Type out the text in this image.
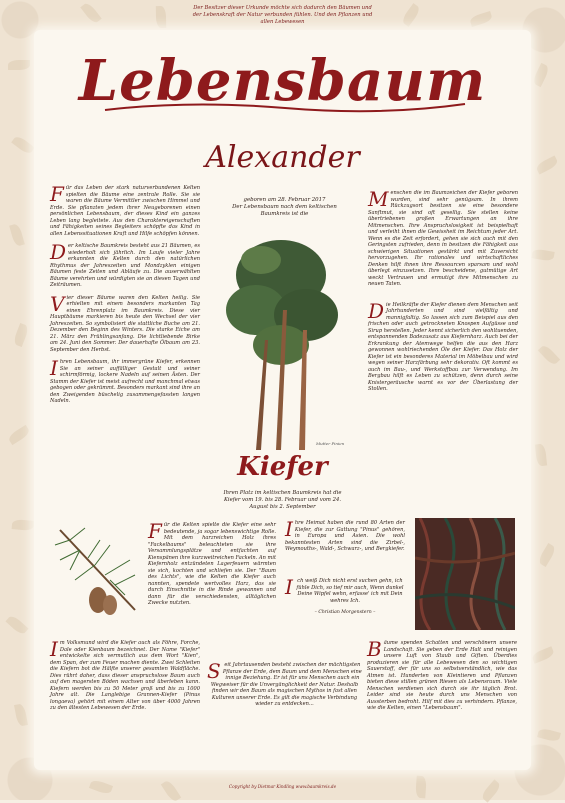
Der Besitzer dieser Urkunde möchte sich dadurch den Bäumen und der Lebenskraft der Natur verbunden fühlen. Und den Pflanzen und allen Lebewesen
Lebensbaum
Alexander

Für das Leben der stark naturverbundenen Kelten spielten die Bäume eine zentrale Rolle. Sie sie waren die Bäume Vermittler zwischen Himmel und Erde. Sie pflanzten jedem ihrer Neugeborenen einen persönlichen Lebensbaum, der dieses Kind ein ganzes Leben lang begleitete. Aus den Charaktereigenschaften und Fähigkeiten seines Begleiters schöpfte das Kind in allen Lebenssituationen Kraft und Hilfe schöpfen können.

Der keltische Baumkreis besteht aus 21 Bäumen, es wiederholt sich jährlich. Im Laufe vieler Jahre erkannten die Kelten durch den natürlichen Rhythmus der Jahreszeiten und Mondzyklen einigen Bäumen feste Zeiten und Abläufe zu. Die auserwählten Bäume verehrten und würdigten sie an diesen Tagen und Zeiträumen.

Vier dieser Bäume waren den Kelten heilig. Sie erhielten mit einem besonders markanten Tag einen Ehrenplatz im Baumkreis. Diese vier Hauptbäume markieren bis heute den Wechsel der vier Jahreszeiten. So symbolisiert die stattliche Buche am 21. Dezember den Beginn des Winters. Die starke Eiche am 21. März den Frühlingsanfang. Die lichtliebende Birke am 24. Juni den Sommer. Der dauerhafte Ölbaum am 23. September den Herbst.

Ihren Lebensbaum, ihr immergrüne Kiefer, erkennen Sie an seiner auffälliger Gestalt und seiner schirmförmig, lockere Nadeln auf seinen Ästen. Der Stamm der Kiefer ist meist aufrecht und manchmal etwas gebogen oder gekrümmt. Besonders markant sind ihre an den Zweigenden büschelig zusammengefassten langen Nadeln.

geboren am 28. Februar 2017
Der Lebensbaum nach dem keltischen Baumkreis ist die
Mutter Pinien
Kiefer
Ihren Platz im keltischen Baumkreis hat die Kiefer vom 19. bis 28. Februar und vom 24. August bis 2. September

Menschen die im Baumzeichen der Kiefer geboren wurden, sind sehr genügsam. In ihrem Rückzugsort besitzen sie eine besondere Sanftmut, sie sind oft gesellig. Sie stellen keine übertriebenen großen Erwartungen an ihre Mitmenschen. Ihre Anspruchslosigkeit ist beispielhaft und verleiht ihnen die Gewissheit im Reichtum jeder Art. Wenn es die Zeit erfordert, gehen sie sich auch mit den Geringsten zufrieden, denn in besitzen die Fähigkeit aus schwierigen Situationen gestärkt und mit Zuversicht hervorzugehen. Ihr rationales und wirtschaftliches Denken hilft ihnen ihre Ressourcen sparsam und wohl überlegt einzusetzen. Ihre bescheidene, gutmütige Art weckt Vertrauen und ermutigt ihre Mitmenschen zu neuen Taten.

Die Heilkräfte der Kiefer dienen dem Menschen seit Jahrhunderten und sind vielfältig und mannigfaltig. So lassen sich zum Beispiel aus den frischen oder auch getrockneten Knospen Aufgüsse und Sirup herstellen. Jeder kennt sicherlich den wohltuenden, entspannenden Badezusatz aus Kiefernharz. Auch bei der Erkrankung der Atemwege helfen die aus den Harz gewonnen wohlriechenden Öle der Kiefer. Das Holz der Kiefer ist ein besonderes Material im Möbelbau und wird wegen seiner Harzfärbung sehr dekorativ. Oft kommt es auch im Bau-, und Werkstoffbau zur Verwendung. Im Bergbau hilft es Leben zu schützen, denn durch seine Knistergeräusche warnt es vor der Überlastung der Stollen.

Für die Kelten spielte die Kiefer eine sehr bedeutende, ja sogar lebenswichtige Rolle. Mit dem harzreichen Holz ihres "Fackelbaums" beleuchteten sie ihre Versammlungsplätze und entfachten auf Kienspänen ihre kurzweitreichen Fackeln. An mit Kiefernholz entzündeten Lagerfeuern wärmten sie sich, kochten und schliefen sie. Der "Baum des Lichts", wie die Kelten die Kiefer auch nannten, spendete wertvolles Harz, das sie durch Einschnitte in die Rinde gewannen und dann für die verschiedensten, alltäglichen Zwecke nutzten.

Ihre Heimat haben die rund 80 Arten der Kiefer, die zur Gattung "Pinus" gehören, in Europa und Asien. Die wohl bekanntesten Arten sind die Zirbel-, Weymouths-, Wald-, Schwarz-, und Bergkiefer.

Ich weiß Dich nicht erst suchen gehn, ich fühle Dich, so tief mir auch, Wenn dunkel Deine Wipfel wehn, erfasse' ich mit Dein wehres Ich.

– Christian Morgenstern –

Im Volksmund wird die Kiefer auch als Föhre, Forche, Dale oder Kienbaum bezeichnet. Der Name "Kiefer" entwickelte sich vermutlich aus dem Wort "Kien", dem Span, der zum Feuer machen diente. Zwei Schleiten die Kiefern bot die Hälfte unserer gesamten Waldfläche. Dies rührt daher, dass dieser anspruchslose Baum auch auf den magersten Böden wachsen und überleben kann. Kiefern werden bis zu 50 Meter groß und bis zu 1000 Jahre alt. Die Langlebige Grannen-Kiefer (Pinus longaeva) gehört mit einem Alter von über 4000 Jahren zu den ältesten Lebewesen der Erde.

Seit Jahrtausenden besteht zwischen der mächtigsten Pflanze der Erde, dem Baum und dem Menschen eine innige Beziehung. Er ist für uns Menschen auch ein Wegweiser für die Unvergänglichkeit der Natur. Deshalb finden wir den Baum als magischen Mythos in fast allen Kulturen unserer Erde. Es gilt die magische Verbindung wieder zu entdecken...

Bäume spenden Schatten und verschönern unsere Landschaft. Sie geben der Erde Halt und reinigen unsere Luft von Staub und Giften. Überdies produzieren sie für alle Lebewesen den so wichtigen Sauerstoff, der für uns so selbstverständlich, wie das Atmen ist. Hunderten von Kleintieren und Pflanzen bieten diese stillen grünen Riesen als Lebensraum. Viele Menschen verdienen sich durch sie ihr täglich Brot. Leider sind sie heute durch uns Menschen von Aussterben bedroht. Hilf mit dies zu verhindern. Pflanze, wie die Kelten, einen "Lebensbaum".

Copyright by Dietmar Kindling www.baumkreis.de
